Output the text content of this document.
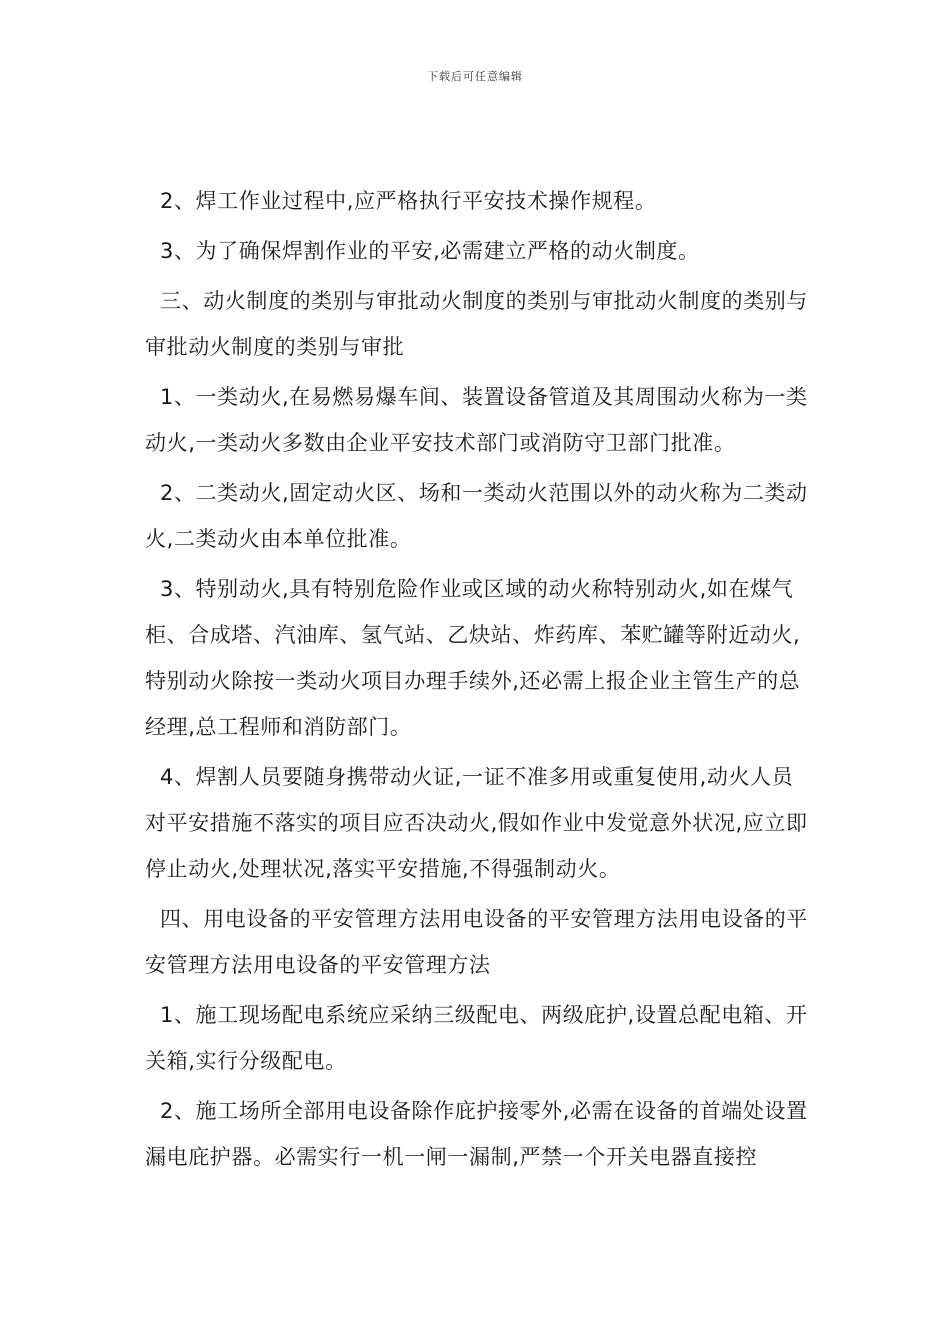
下载后可任意编辑

2、焊工作业过程中,应严格执行平安技术操作规程。

3、为了确保焊割作业的平安,必需建立严格的动火制度。

三、动火制度的类别与审批动火制度的类别与审批动火制度的类别与审批动火制度的类别与审批

1、一类动火,在易燃易爆车间、装置设备管道及其周围动火称为一类动火,一类动火多数由企业平安技术部门或消防守卫部门批准。

2、二类动火,固定动火区、场和一类动火范围以外的动火称为二类动火,二类动火由本单位批准。

3、特别动火,具有特别危险作业或区域的动火称特别动火,如在煤气柜、合成塔、汽油库、氢气站、乙炔站、炸药库、苯贮罐等附近动火,特别动火除按一类动火项目办理手续外,还必需上报企业主管生产的总经理,总工程师和消防部门。

4、焊割人员要随身携带动火证,一证不准多用或重复使用,动火人员对平安措施不落实的项目应否决动火,假如作业中发觉意外状况,应立即停止动火,处理状况,落实平安措施,不得强制动火。

四、用电设备的平安管理方法用电设备的平安管理方法用电设备的平安管理方法用电设备的平安管理方法

1、施工现场配电系统应采纳三级配电、两级庇护,设置总配电箱、开关箱,实行分级配电。

2、施工场所全部用电设备除作庇护接零外,必需在设备的首端处设置漏电庇护器。必需实行一机一闸一漏制,严禁一个开关电器直接控
